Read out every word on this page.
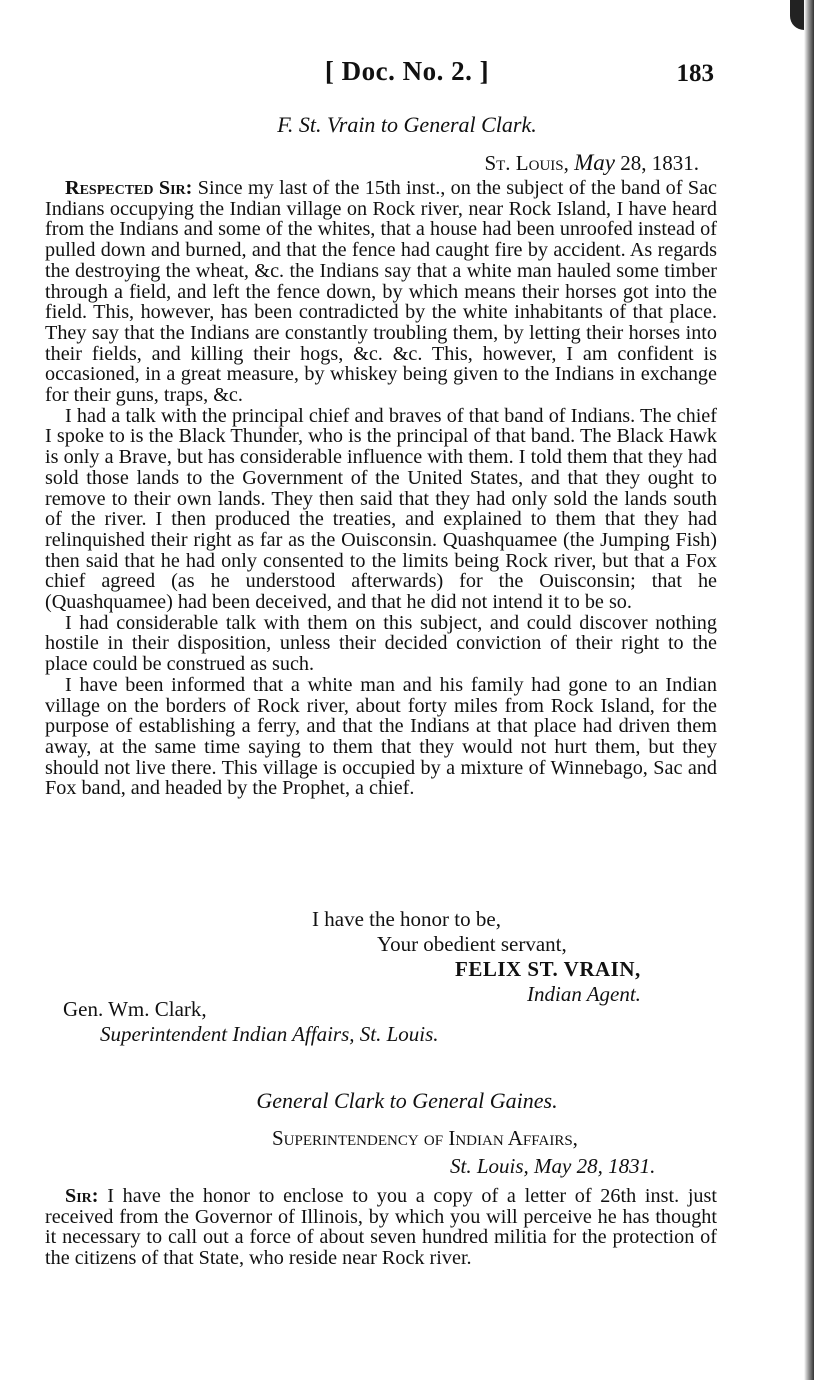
[ Doc. No. 2. ]	183
F. St. Vrain to General Clark.
St. Louis, May 28, 1831.

Respected Sir: Since my last of the 15th inst., on the subject of the band of Sac Indians occupying the Indian village on Rock river, near Rock Island, I have heard from the Indians and some of the whites, that a house had been unroofed instead of pulled down and burned, and that the fence had caught fire by accident. As regards the destroying the wheat, &c. the Indians say that a white man hauled some timber through a field, and left the fence down, by which means their horses got into the field. This, however, has been contradicted by the white inhabitants of that place. They say that the Indians are constantly troubling them, by letting their horses into their fields, and killing their hogs, &c. &c. This, however, I am confident is occasioned, in a great measure, by whiskey being given to the Indians in exchange for their guns, traps, &c.

I had a talk with the principal chief and braves of that band of Indians. The chief I spoke to is the Black Thunder, who is the principal of that band. The Black Hawk is only a Brave, but has considerable influence with them. I told them that they had sold those lands to the Government of the United States, and that they ought to remove to their own lands. They then said that they had only sold the lands south of the river. I then produced the treaties, and explained to them that they had relinquished their right as far as the Ouisconsin. Quashquamee (the Jumping Fish) then said that he had only consented to the limits being Rock river, but that a Fox chief agreed (as he understood afterwards) for the Ouisconsin; that he (Quashquamee) had been deceived, and that he did not intend it to be so.

I had considerable talk with them on this subject, and could discover nothing hostile in their disposition, unless their decided conviction of their right to the place could be construed as such.

I have been informed that a white man and his family had gone to an Indian village on the borders of Rock river, about forty miles from Rock Island, for the purpose of establishing a ferry, and that the Indians at that place had driven them away, at the same time saying to them that they would not hurt them, but they should not live there. This village is occupied by a mixture of Winnebago, Sac and Fox band, and headed by the Prophet, a chief.

I have the honor to be,
Your obedient servant,
FELIX ST. VRAIN,
Indian Agent.
Gen. Wm. Clark,
Superintendent Indian Affairs, St. Louis.
General Clark to General Gaines.
Superintendency of Indian Affairs,
St. Louis, May 28, 1831.

Sir: I have the honor to enclose to you a copy of a letter of 26th inst. just received from the Governor of Illinois, by which you will perceive he has thought it necessary to call out a force of about seven hundred militia for the protection of the citizens of that State, who reside near Rock river.
